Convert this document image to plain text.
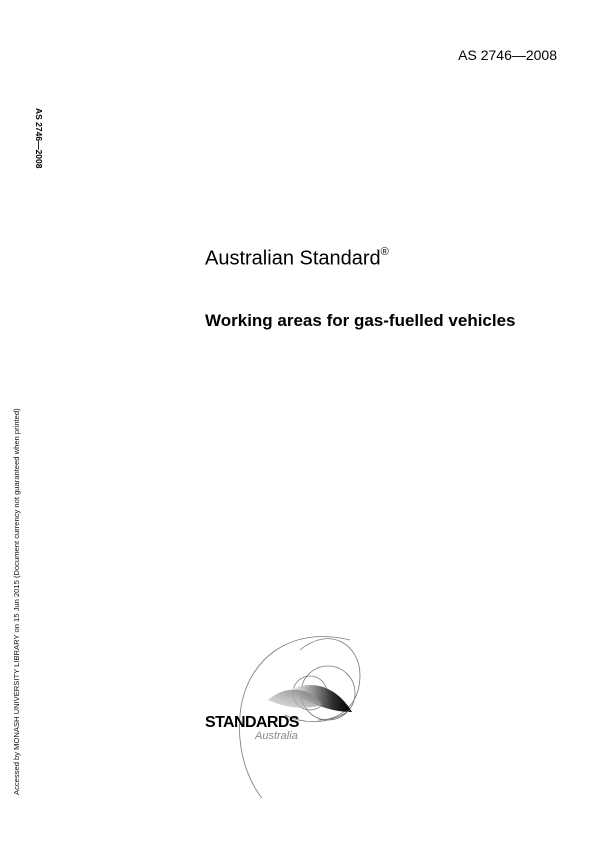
AS 2746—2008
AS 2746—2008
Accessed by MONASH UNIVERSITY LIBRARY on 15 Jun 2015 (Document currency not guaranteed when printed)
Australian Standard®
Working areas for gas-fuelled vehicles
STANDARDS
Australia
